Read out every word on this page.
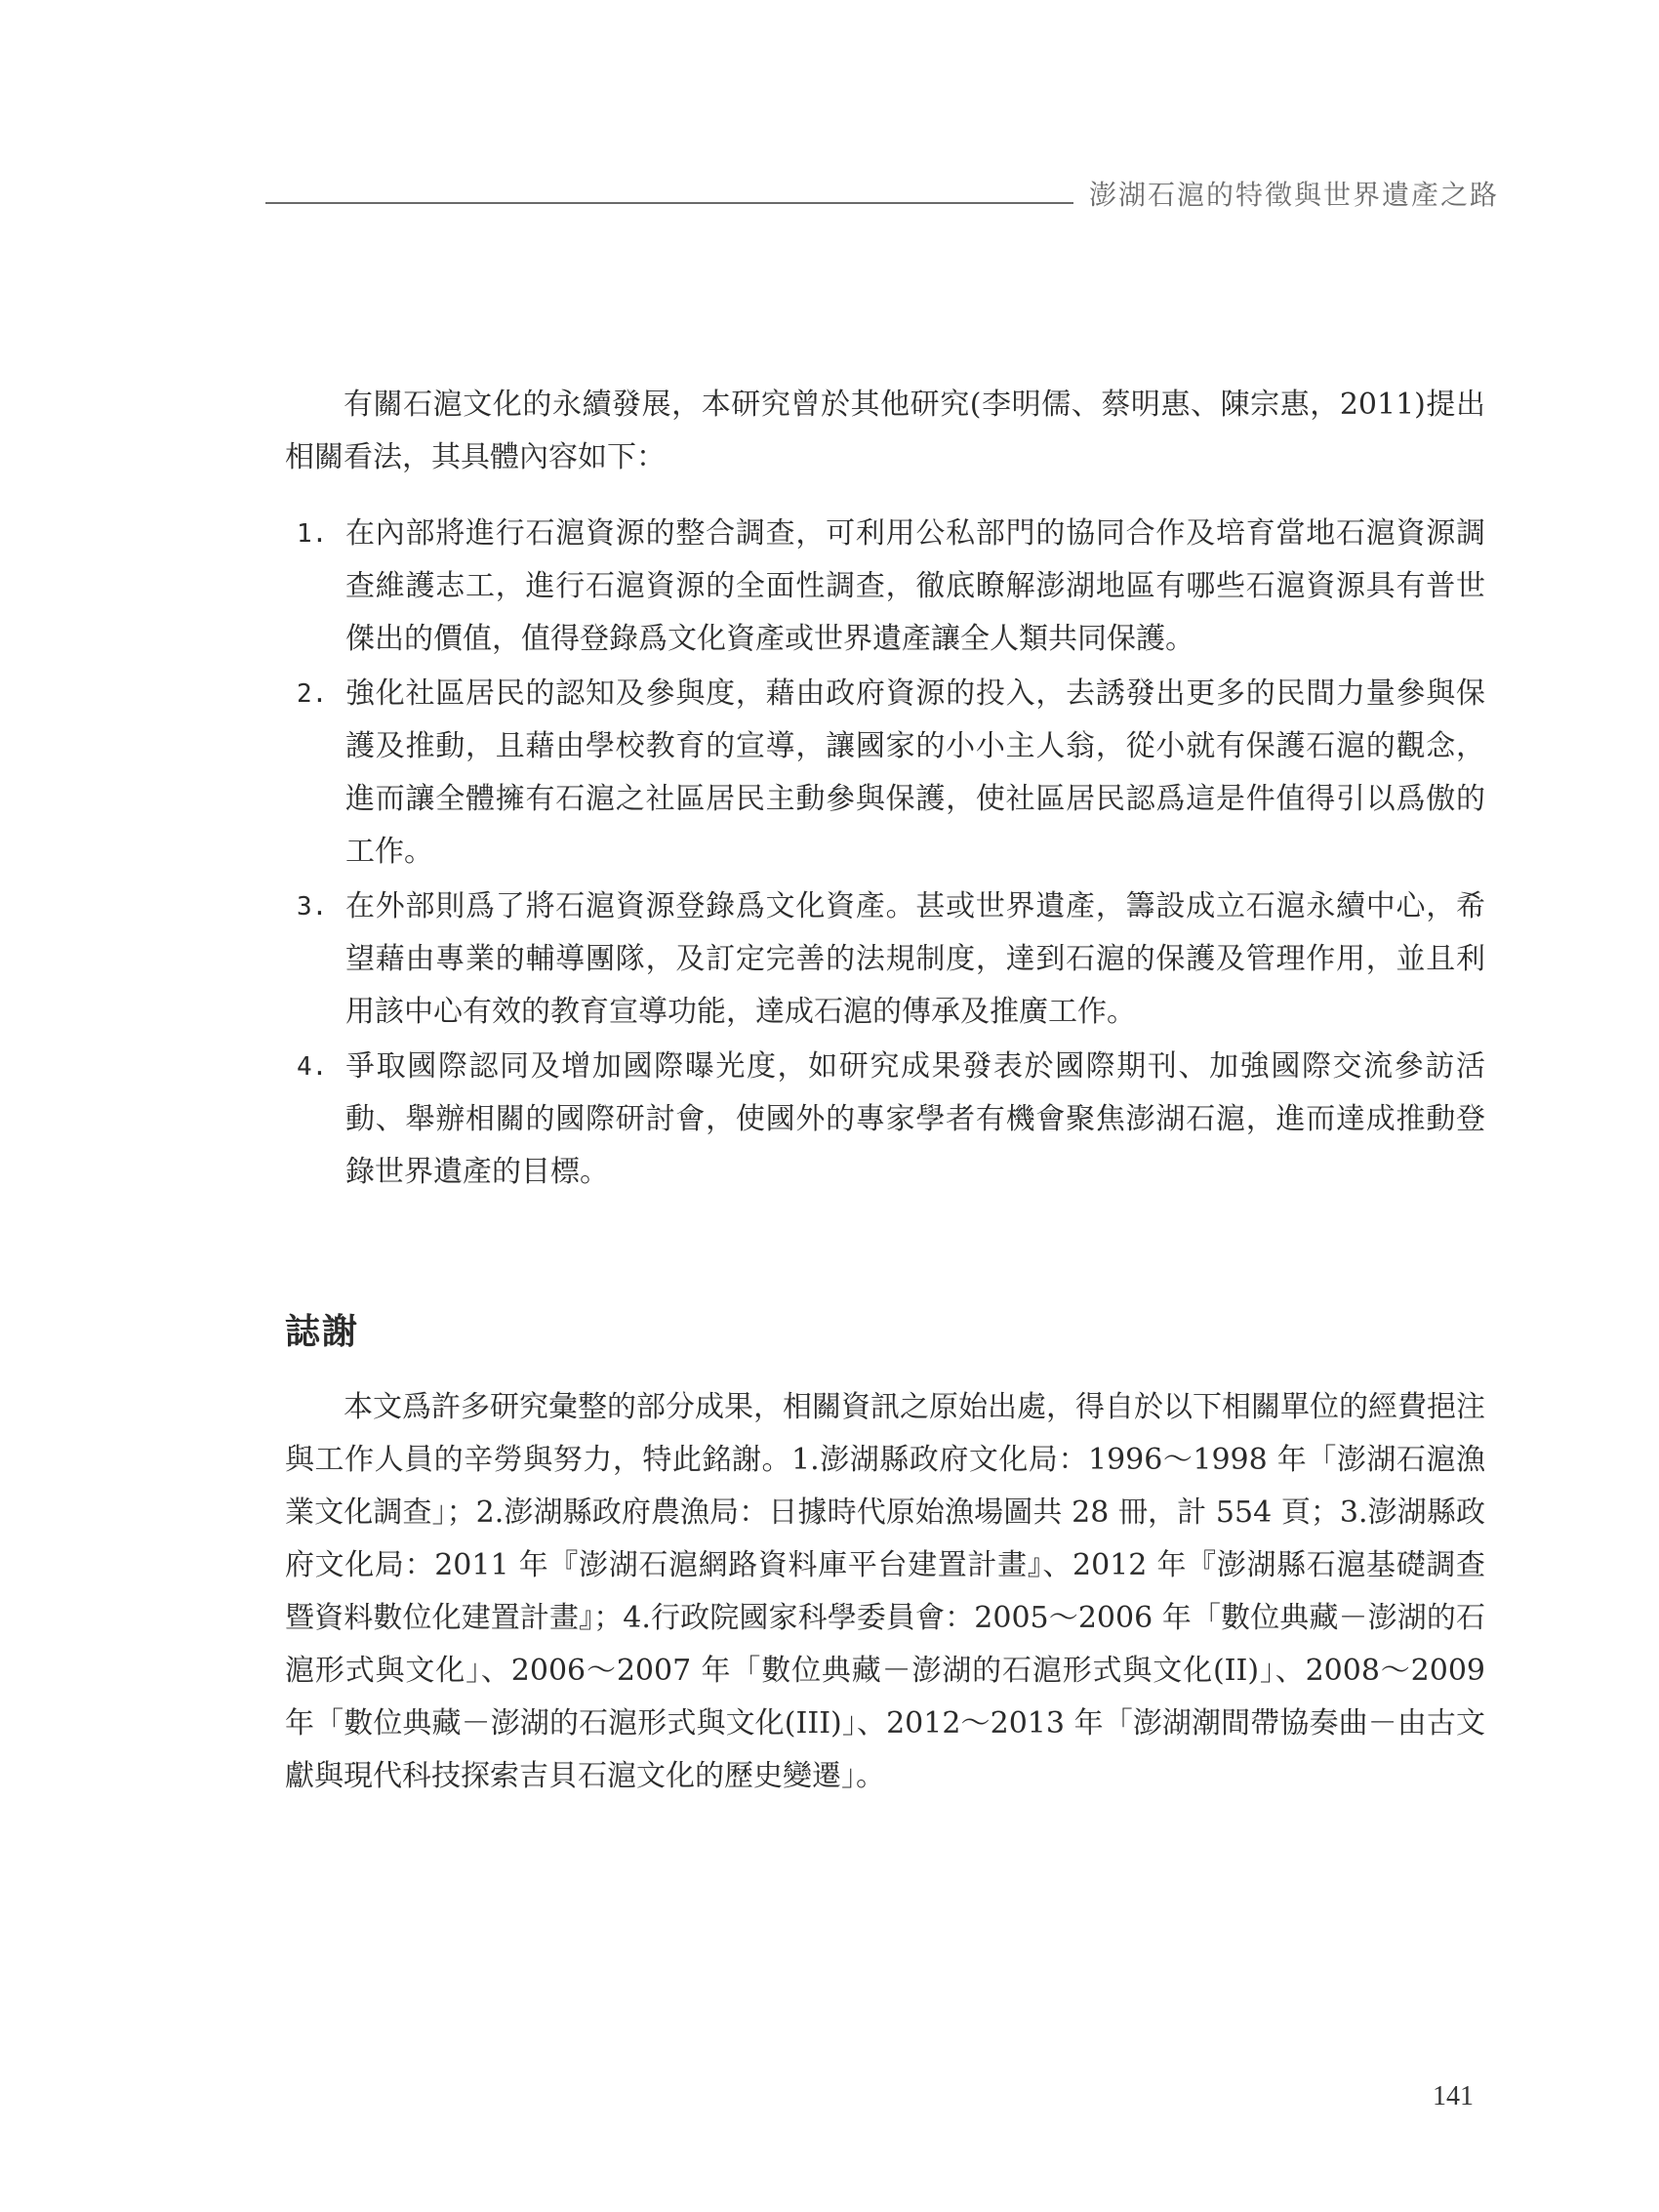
澎湖石滬的特徵與世界遺產之路

有關石滬文化的永續發展，本研究曾於其他研究(李明儒、蔡明惠、陳宗惠，2011)提出相關看法，其具體內容如下：

1. 在內部將進行石滬資源的整合調查，可利用公私部門的協同合作及培育當地石滬資源調查維護志工，進行石滬資源的全面性調查，徹底瞭解澎湖地區有哪些石滬資源具有普世傑出的價值，值得登錄爲文化資產或世界遺產讓全人類共同保護。
2. 強化社區居民的認知及參與度，藉由政府資源的投入，去誘發出更多的民間力量參與保護及推動，且藉由學校教育的宣導，讓國家的小小主人翁，從小就有保護石滬的觀念，進而讓全體擁有石滬之社區居民主動參與保護，使社區居民認爲這是件值得引以爲傲的工作。
3. 在外部則爲了將石滬資源登錄爲文化資產。甚或世界遺產，籌設成立石滬永續中心，希望藉由專業的輔導團隊，及訂定完善的法規制度，達到石滬的保護及管理作用，並且利用該中心有效的教育宣導功能，達成石滬的傳承及推廣工作。
4. 爭取國際認同及增加國際曝光度，如研究成果發表於國際期刊、加強國際交流參訪活動、舉辦相關的國際研討會，使國外的專家學者有機會聚焦澎湖石滬，進而達成推動登錄世界遺產的目標。
誌謝

本文爲許多研究彙整的部分成果，相關資訊之原始出處，得自於以下相關單位的經費挹注與工作人員的辛勞與努力，特此銘謝。1.澎湖縣政府文化局：1996～1998 年「澎湖石滬漁業文化調查」；2.澎湖縣政府農漁局：日據時代原始漁場圖共 28 冊，計 554 頁；3.澎湖縣政府文化局：2011 年『澎湖石滬網路資料庫平台建置計畫』、2012 年『澎湖縣石滬基礎調查暨資料數位化建置計畫』；4.行政院國家科學委員會：2005～2006 年「數位典藏－澎湖的石滬形式與文化」、2006～2007 年「數位典藏－澎湖的石滬形式與文化(II)」、2008～2009 年「數位典藏－澎湖的石滬形式與文化(III)」、2012～2013 年「澎湖潮間帶協奏曲－由古文獻與現代科技探索吉貝石滬文化的歷史變遷」。

141
